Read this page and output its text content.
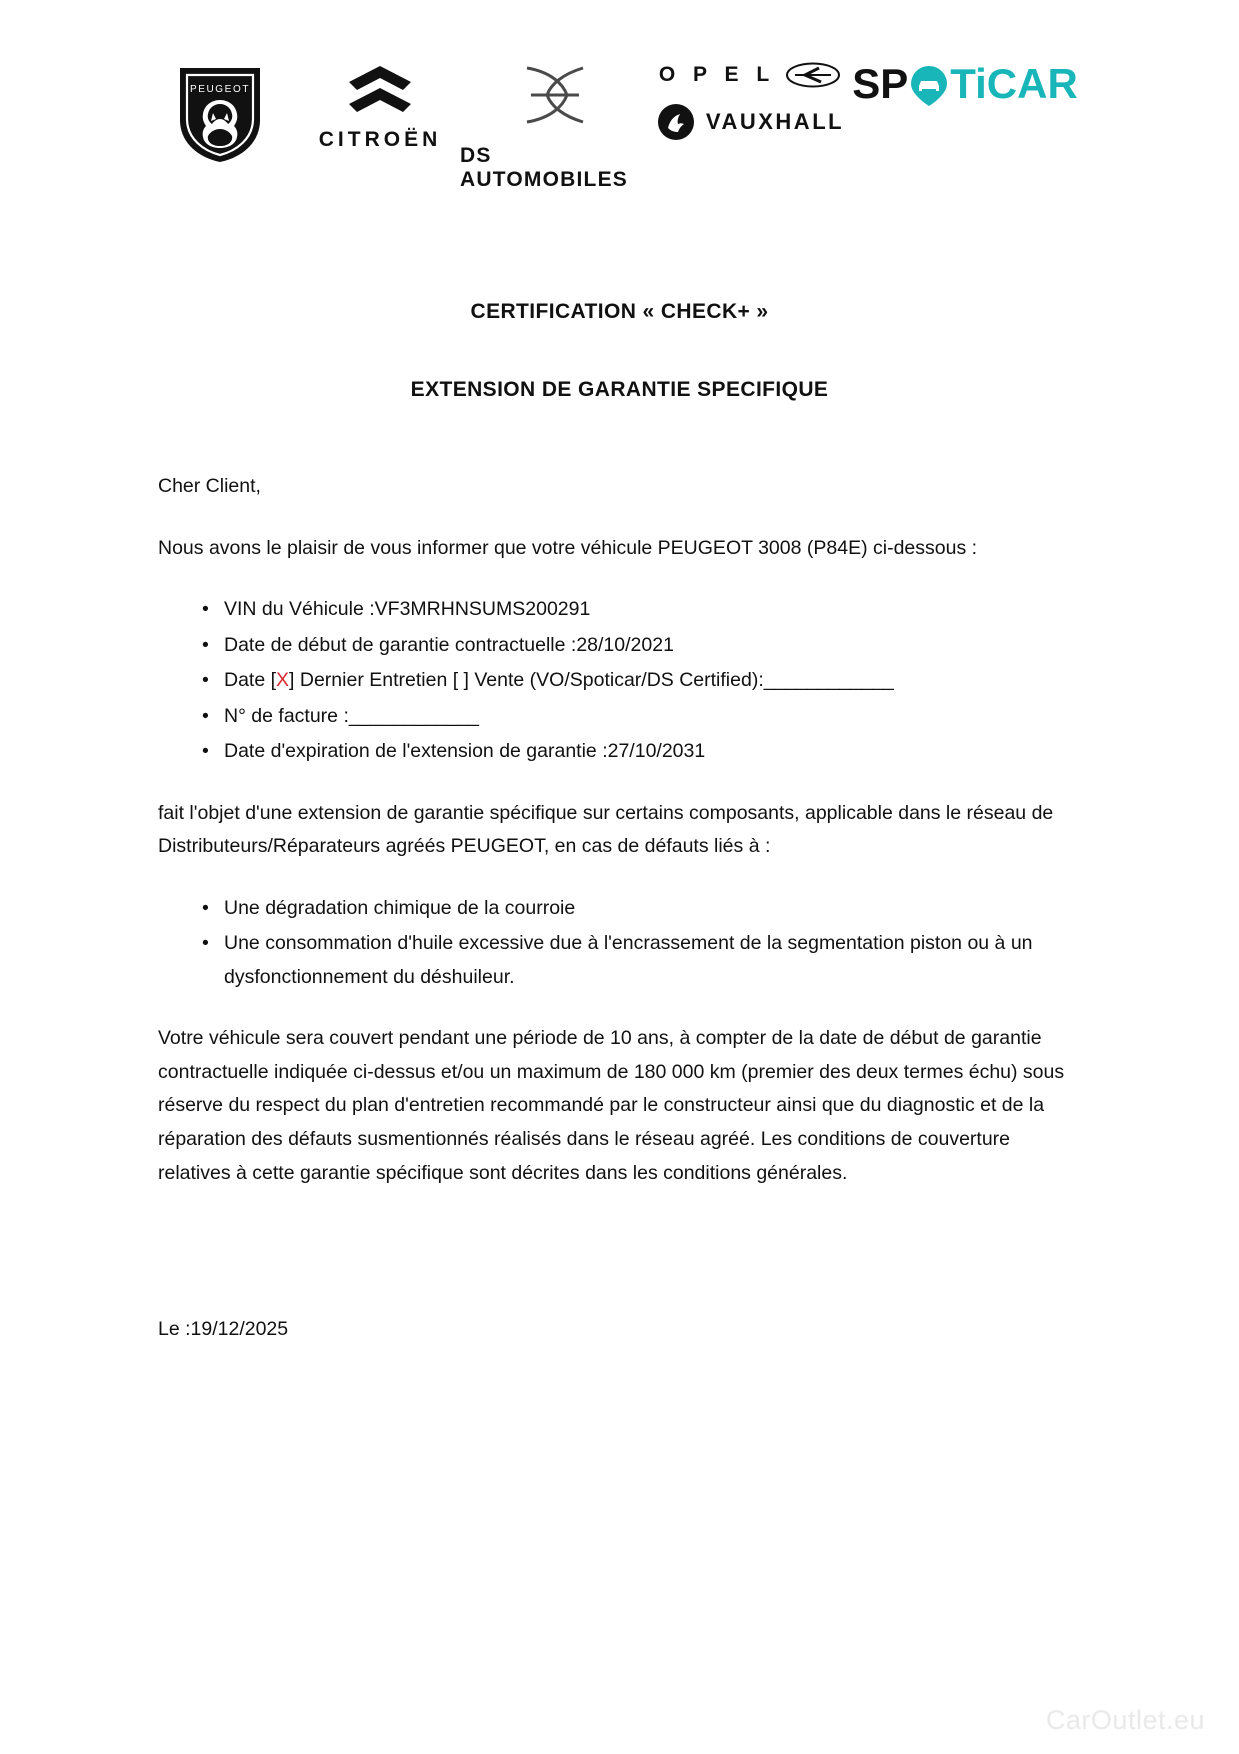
PEUGEOT
CITROËN
DS AUTOMOBILES
O P E L
VAUXHALL
SP TiCAR
CERTIFICATION « CHECK+ »
EXTENSION DE GARANTIE SPECIFIQUE

Cher Client,

Nous avons le plaisir de vous informer que votre véhicule PEUGEOT 3008 (P84E) ci-dessous :

• VIN du Véhicule :VF3MRHNSUMS200291
• Date de début de garantie contractuelle :28/10/2021
• Date [X] Dernier Entretien [ ] Vente (VO/Spoticar/DS Certified):____________
• N° de facture :____________
• Date d'expiration de l'extension de garantie :27/10/2031

fait l'objet d'une extension de garantie spécifique sur certains composants, applicable dans le réseau de Distributeurs/Réparateurs agréés PEUGEOT, en cas de défauts liés à :

• Une dégradation chimique de la courroie
• Une consommation d'huile excessive due à l'encrassement de la segmentation piston ou à un dysfonctionnement du déshuileur.

Votre véhicule sera couvert pendant une période de 10 ans, à compter de la date de début de garantie contractuelle indiquée ci-dessus et/ou un maximum de 180 000 km (premier des deux termes échu) sous réserve du respect du plan d'entretien recommandé par le constructeur ainsi que du diagnostic et de la réparation des défauts susmentionnés réalisés dans le réseau agréé. Les conditions de couverture relatives à cette garantie spécifique sont décrites dans les conditions générales.

Le :19/12/2025
CarOutlet.eu
